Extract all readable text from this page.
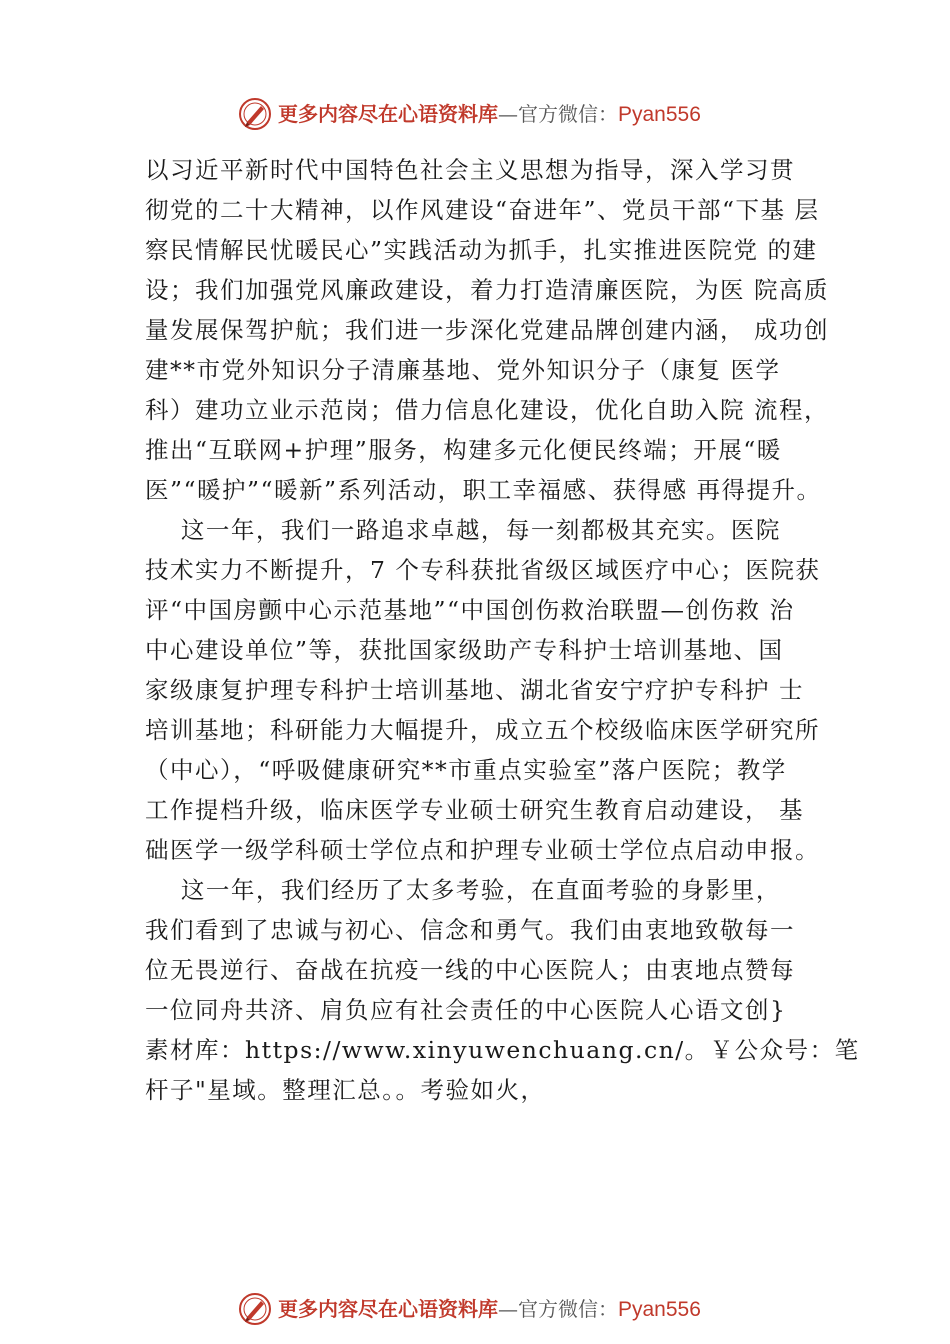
更多内容尽在心语资料库—官方微信：Pyan556
以习近平新时代中国特色社会主义思想为指导，深入学习贯
彻党的二十大精神，以作风建设“奋进年”、党员干部“下基 层
察民情解民忧暖民心”实践活动为抓手，扎实推进医院党 的建
设；我们加强党风廉政建设，着力打造清廉医院，为医 院高质
量发展保驾护航；我们进一步深化党建品牌创建内涵， 成功创
建**市党外知识分子清廉基地、党外知识分子（康复 医学
科）建功立业示范岗；借力信息化建设，优化自助入院 流程，
推出“互联网+护理”服务，构建多元化便民终端；开展“暖
医”“暖护”“暖新”系列活动，职工幸福感、获得感 再得提升。
这一年，我们一路追求卓越，每一刻都极其充实。医院
技术实力不断提升，7 个专科获批省级区域医疗中心；医院获
评“中国房颤中心示范基地”“中国创伤救治联盟—创伤救 治
中心建设单位”等，获批国家级助产专科护士培训基地、国
家级康复护理专科护士培训基地、湖北省安宁疗护专科护 士
培训基地；科研能力大幅提升，成立五个校级临床医学研究所
（中心），“呼吸健康研究**市重点实验室”落户医院；教学
工作提档升级，临床医学专业硕士研究生教育启动建设， 基
础医学一级学科硕士学位点和护理专业硕士学位点启动申报。
这一年，我们经历了太多考验，在直面考验的身影里，
我们看到了忠诚与初心、信念和勇气。我们由衷地致敬每一
位无畏逆行、奋战在抗疫一线的中心医院人；由衷地点赞每
一位同舟共济、肩负应有社会责任的中心医院人心语文创}
素材库：https://www.xinyuwenchuang.cn/。￥公众号：笔
杆子"星域。整理汇总。。考验如火，
更多内容尽在心语资料库—官方微信：Pyan556
